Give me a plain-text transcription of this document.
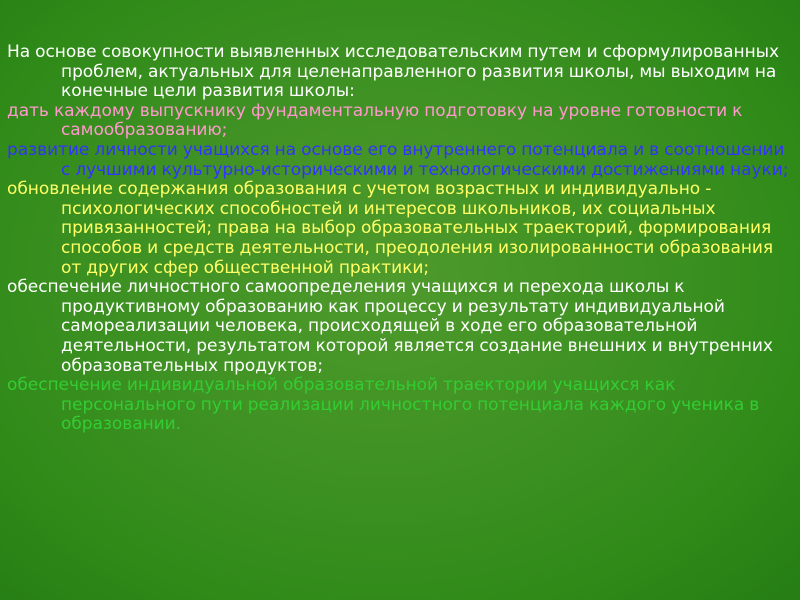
На основе совокупности выявленных исследовательским путем и сформулированных проблем, актуальных для целенаправленного развития школы, мы выходим на конечные цели развития школы:

дать каждому выпускнику фундаментальную подготовку на уровне готовности к самообразованию;

развитие личности учащихся на основе его внутреннего потенциала и в соотношении с лучшими культурно-историческими и технологическими достижениями науки;

обновление содержания образования с учетом возрастных и индивидуально - психологических способностей и интересов школьников, их социальных привязанностей; права на выбор образовательных траекторий, формирования способов и средств деятельности, преодоления изолированности образования от других сфер общественной практики;

обеспечение личностного самоопределения учащихся и перехода школы к продуктивному образованию как процессу и результату индивидуальной самореализации человека, происходящей в ходе его образовательной деятельности, результатом которой является создание внешних и внутренних образовательных продуктов;

обеспечение индивидуальной образовательной траектории учащихся как персонального пути реализации личностного потенциала каждого ученика в образовании.
